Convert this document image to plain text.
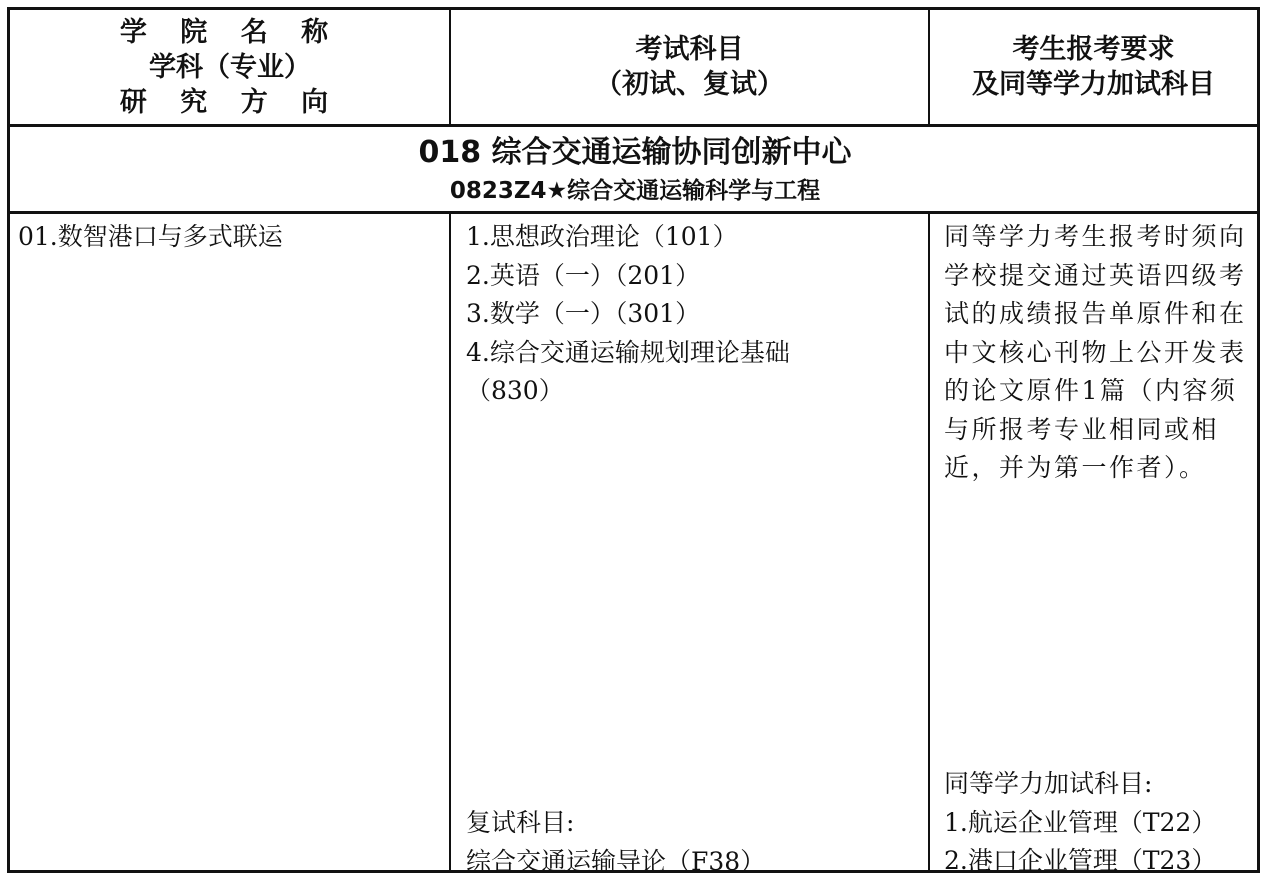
学 院 名 称
学科（专业）
研 究 方 向
考试科目
（初试、复试）
考生报考要求
及同等学力加试科目
018 综合交通运输协同创新中心
0823Z4★综合交通运输科学与工程
01.数智港口与多式联运	1.思想政治理论（101）
2.英语（一）（201）
3.数学（一）（301）
4.综合交通运输规划理论基础
（830）
复试科目:
综合交通运输导论（F38）
同等学力考生报考时须向学校提交通过英语四级考试的成绩报告单原件和在中文核心刊物上公开发表的论文原件1篇（内容须与所报考专业相同或相近，并为第一作者）。
同等学力加试科目:
1.航运企业管理（T22）
2.港口企业管理（T23）
